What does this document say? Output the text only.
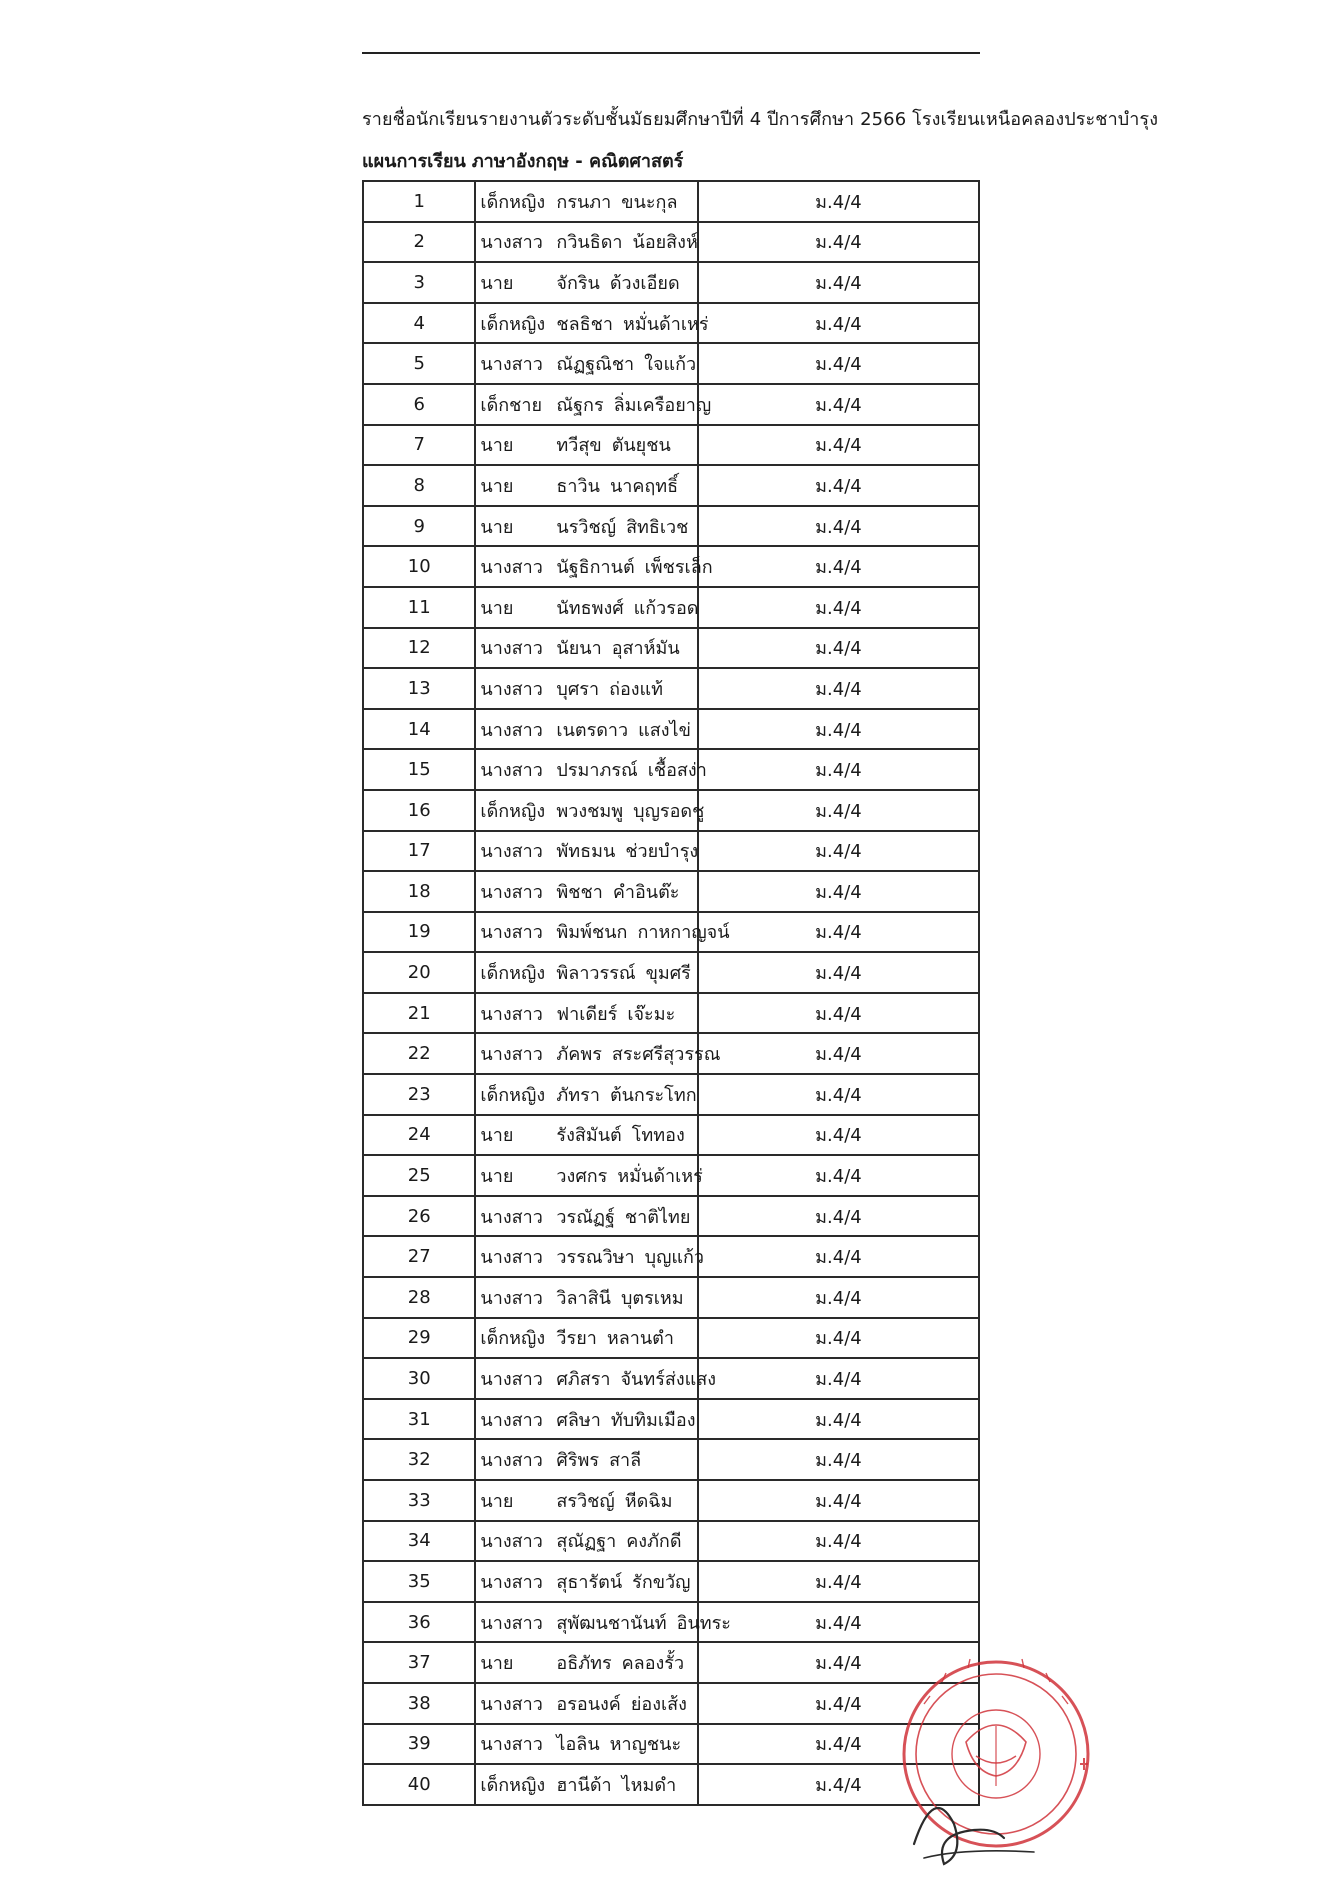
รายชื่อนักเรียนรายงานตัวระดับชั้นมัธยมศึกษาปีที่ 4 ปีการศึกษา 2566 โรงเรียนเหนือคลองประชาบำรุง
แผนการเรียน ภาษาอังกฤษ - คณิตศาสตร์
1	เด็กหญิง กรนภา ขนะกุล	ม.4/4
2	นางสาว กวินธิดา น้อยสิงห์	ม.4/4
3	นาย จักริน ด้วงเอียด	ม.4/4
4	เด็กหญิง ชลธิชา หมั่นด้าเหร่	ม.4/4
5	นางสาว ณัฏฐณิชา ใจแก้ว	ม.4/4
6	เด็กชาย ณัฐกร ลิ่มเครือยาญ	ม.4/4
7	นาย ทวีสุข ตันยุชน	ม.4/4
8	นาย ธาวิน นาคฤทธิ์	ม.4/4
9	นาย นรวิชญ์ สิทธิเวช	ม.4/4
10	นางสาว นัฐธิกานต์ เพ็ชรเล็ก	ม.4/4
11	นาย นัทธพงศ์ แก้วรอด	ม.4/4
12	นางสาว นัยนา อุสาห์มัน	ม.4/4
13	นางสาว บุศรา ถ่องแท้	ม.4/4
14	นางสาว เนตรดาว แสงไข่	ม.4/4
15	นางสาว ปรมาภรณ์ เชื้อสง่า	ม.4/4
16	เด็กหญิง พวงชมพู บุญรอดชู	ม.4/4
17	นางสาว พัทธมน ช่วยบำรุง	ม.4/4
18	นางสาว พิชชา คำอินต๊ะ	ม.4/4
19	นางสาว พิมพ์ชนก กาหกาญจน์	ม.4/4
20	เด็กหญิง พิลาวรรณ์ ขุมศรี	ม.4/4
21	นางสาว ฟาเดียร์ เจ๊ะมะ	ม.4/4
22	นางสาว ภัคพร สระศรีสุวรรณ	ม.4/4
23	เด็กหญิง ภัทรา ต้นกระโทก	ม.4/4
24	นาย รังสิมันต์ โททอง	ม.4/4
25	นาย วงศกร หมั่นด้าเหร่	ม.4/4
26	นางสาว วรณัฏฐ์ ชาติไทย	ม.4/4
27	นางสาว วรรณวิษา บุญแก้ว	ม.4/4
28	นางสาว วิลาสินี บุตรเหม	ม.4/4
29	เด็กหญิง วีรยา หลานตำ	ม.4/4
30	นางสาว ศภิสรา จันทร์ส่งแสง	ม.4/4
31	นางสาว ศลิษา ทับทิมเมือง	ม.4/4
32	นางสาว ศิริพร สาลี	ม.4/4
33	นาย สรวิชญ์ หีดฉิม	ม.4/4
34	นางสาว สุณัฏฐา คงภักดี	ม.4/4
35	นางสาว สุธารัตน์ รักขวัญ	ม.4/4
36	นางสาว สุพัฒนชานันท์ อินทระ	ม.4/4
37	นาย อธิภัทร คลองรั้ว	ม.4/4
38	นางสาว อรอนงค์ ย่องเส้ง	ม.4/4
39	นางสาว ไอลิน หาญชนะ	ม.4/4
40	เด็กหญิง ฮานีด้า ไหมดำ	ม.4/4
